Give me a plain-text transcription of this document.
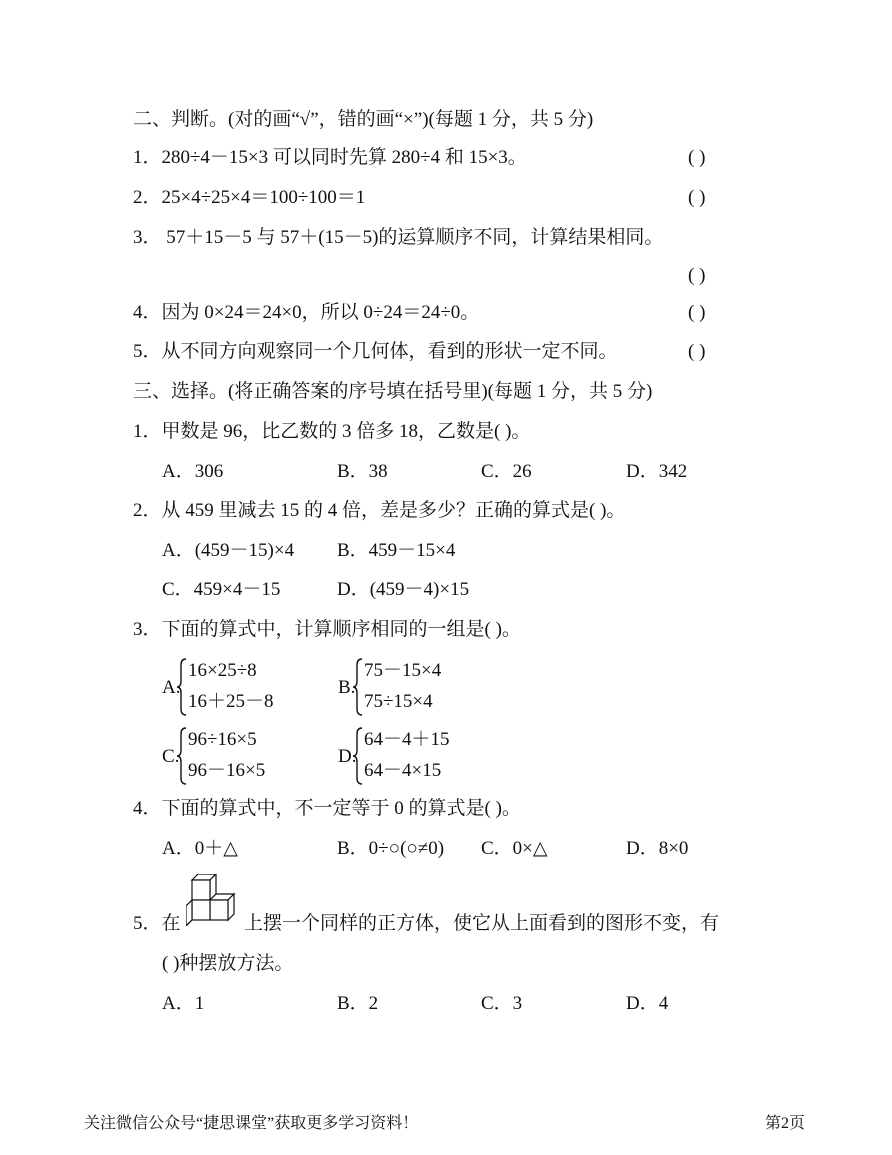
二、判断。(对的画“√”，错的画“×”)(每题 1 分，共 5 分)
1．280÷4－15×3 可以同时先算 280÷4 和 15×3。	( )
2．25×4÷25×4＝100÷100＝1	( )
3． 57＋15－5 与 57＋(15－5)的运算顺序不同，计算结果相同。
( )
4．因为 0×24＝24×0，所以 0÷24＝24÷0。	( )
5．从不同方向观察同一个几何体，看到的形状一定不同。	( )
三、选择。(将正确答案的序号填在括号里)(每题 1 分，共 5 分)
1．甲数是 96，比乙数的 3 倍多 18，乙数是( )。
A．306	B．38	C．26	D．342
2．从 459 里减去 15 的 4 倍，差是多少？正确的算式是( )。
A．(459－15)×4 B．459－15×4
C．459×4－15	D．(459－4)×15
3．下面的算式中，计算顺序相同的一组是( )。
A.
16×25÷8
16＋25－8
B.
75－15×4
75÷15×4
C.
96÷16×5
96－16×5
D.
64－4＋15
64－4×15
4．下面的算式中，不一定等于 0 的算式是( )。
A．0＋△	B．0÷○(○≠0) C．0×△	D．8×0
5．在	上摆一个同样的正方体，使它从上面看到的图形不变，有
( )种摆放方法。
A．1	B．2	C．3	D．4
关注微信公众号“捷思课堂”获取更多学习资料！	第2页
